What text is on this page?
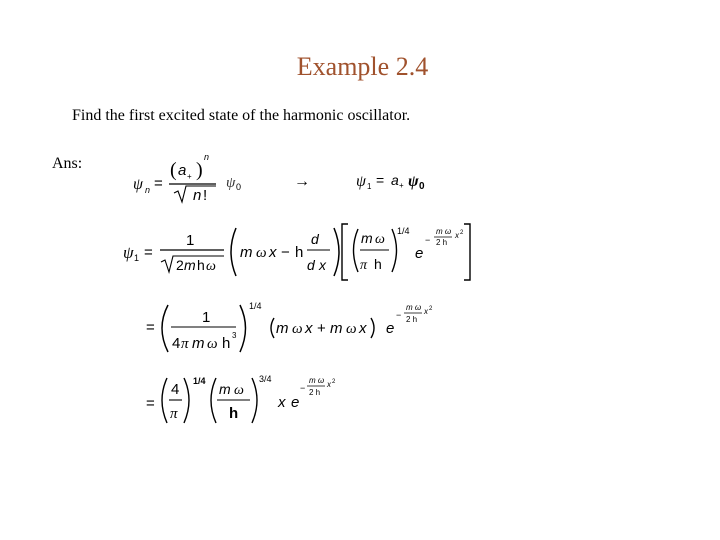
Example 2.4
Find the first excited state of the harmonic oscillator.
Ans:
ψ n =
( a + )
n
n !
ψ 0	→	ψ 1 = a + ψ 0
ψ 1 =
1
2 m h ω
m ω x − h
d
d x
m ω
π h
1/4
e
−
m ω
2 h
x 2
=
1
4 π m ω h 3
1/4
m ω x + m ω x e
−
m ω
2 h
x 2
=
4
π
1/4 m ω
h
3/4
x e
−
m ω
2 h
x 2
